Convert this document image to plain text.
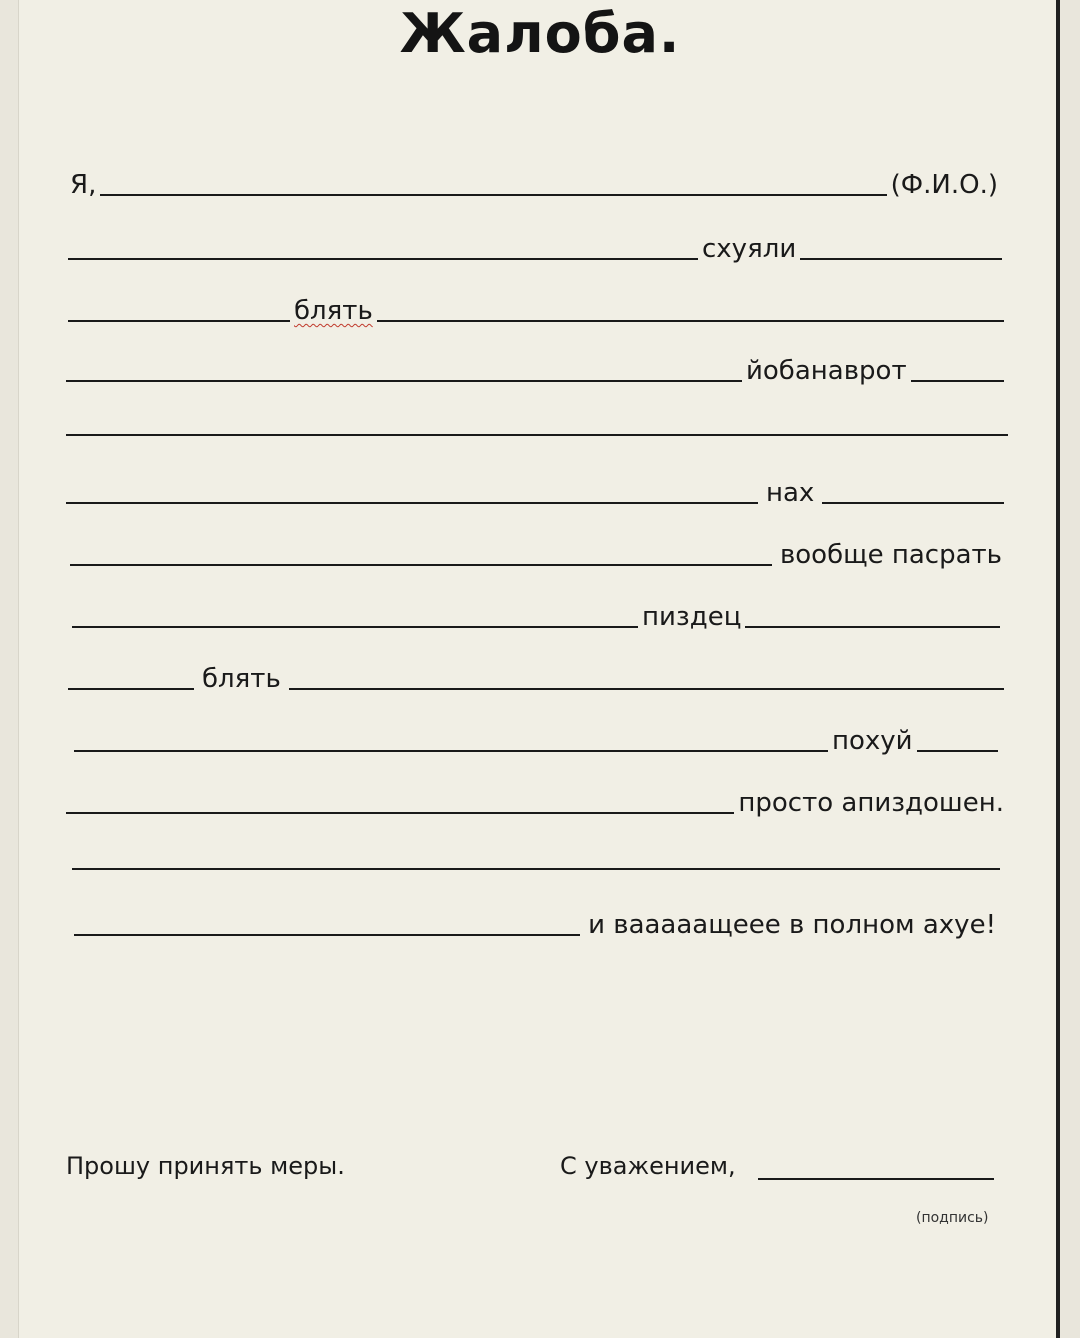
Жалоба.
Я,	(Ф.И.О.)
схуяли
блять
йобанаврот
нах
вообще пасрать
пиздец
блять
похуй
просто апиздошен.
и вааааащеее в полном ахуе!
Прошу принять меры.	С уважением,
(подпись)
